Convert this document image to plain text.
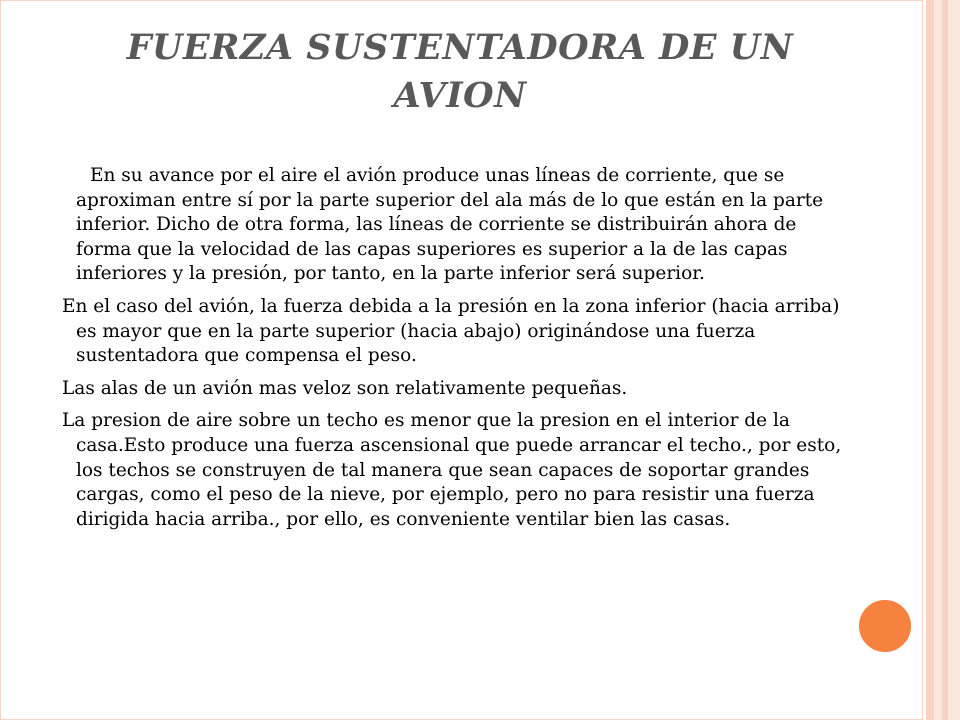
FUERZA SUSTENTADORA DE UN AVION

En su avance por el aire el avión produce unas líneas de corriente, que se aproximan entre sí por la parte superior del ala más de lo que están en la parte inferior. Dicho de otra forma, las líneas de corriente se distribuirán ahora de forma que la velocidad de las capas superiores es superior a la de las capas inferiores y la presión, por tanto, en la parte inferior será superior.

En el caso del avión, la fuerza debida a la presión en la zona inferior (hacia arriba) es mayor que en la parte superior (hacia abajo) originándose una fuerza sustentadora que compensa el peso.

Las alas de un avión mas veloz son relativamente pequeñas.

La presion de aire sobre un techo es menor que la presion en el interior de la casa.Esto produce una fuerza ascensional que puede arrancar el techo., por esto, los techos se construyen de tal manera que sean capaces de soportar grandes cargas, como el peso de la nieve, por ejemplo, pero no para resistir una fuerza dirigida hacia arriba., por ello, es conveniente ventilar bien las casas.
